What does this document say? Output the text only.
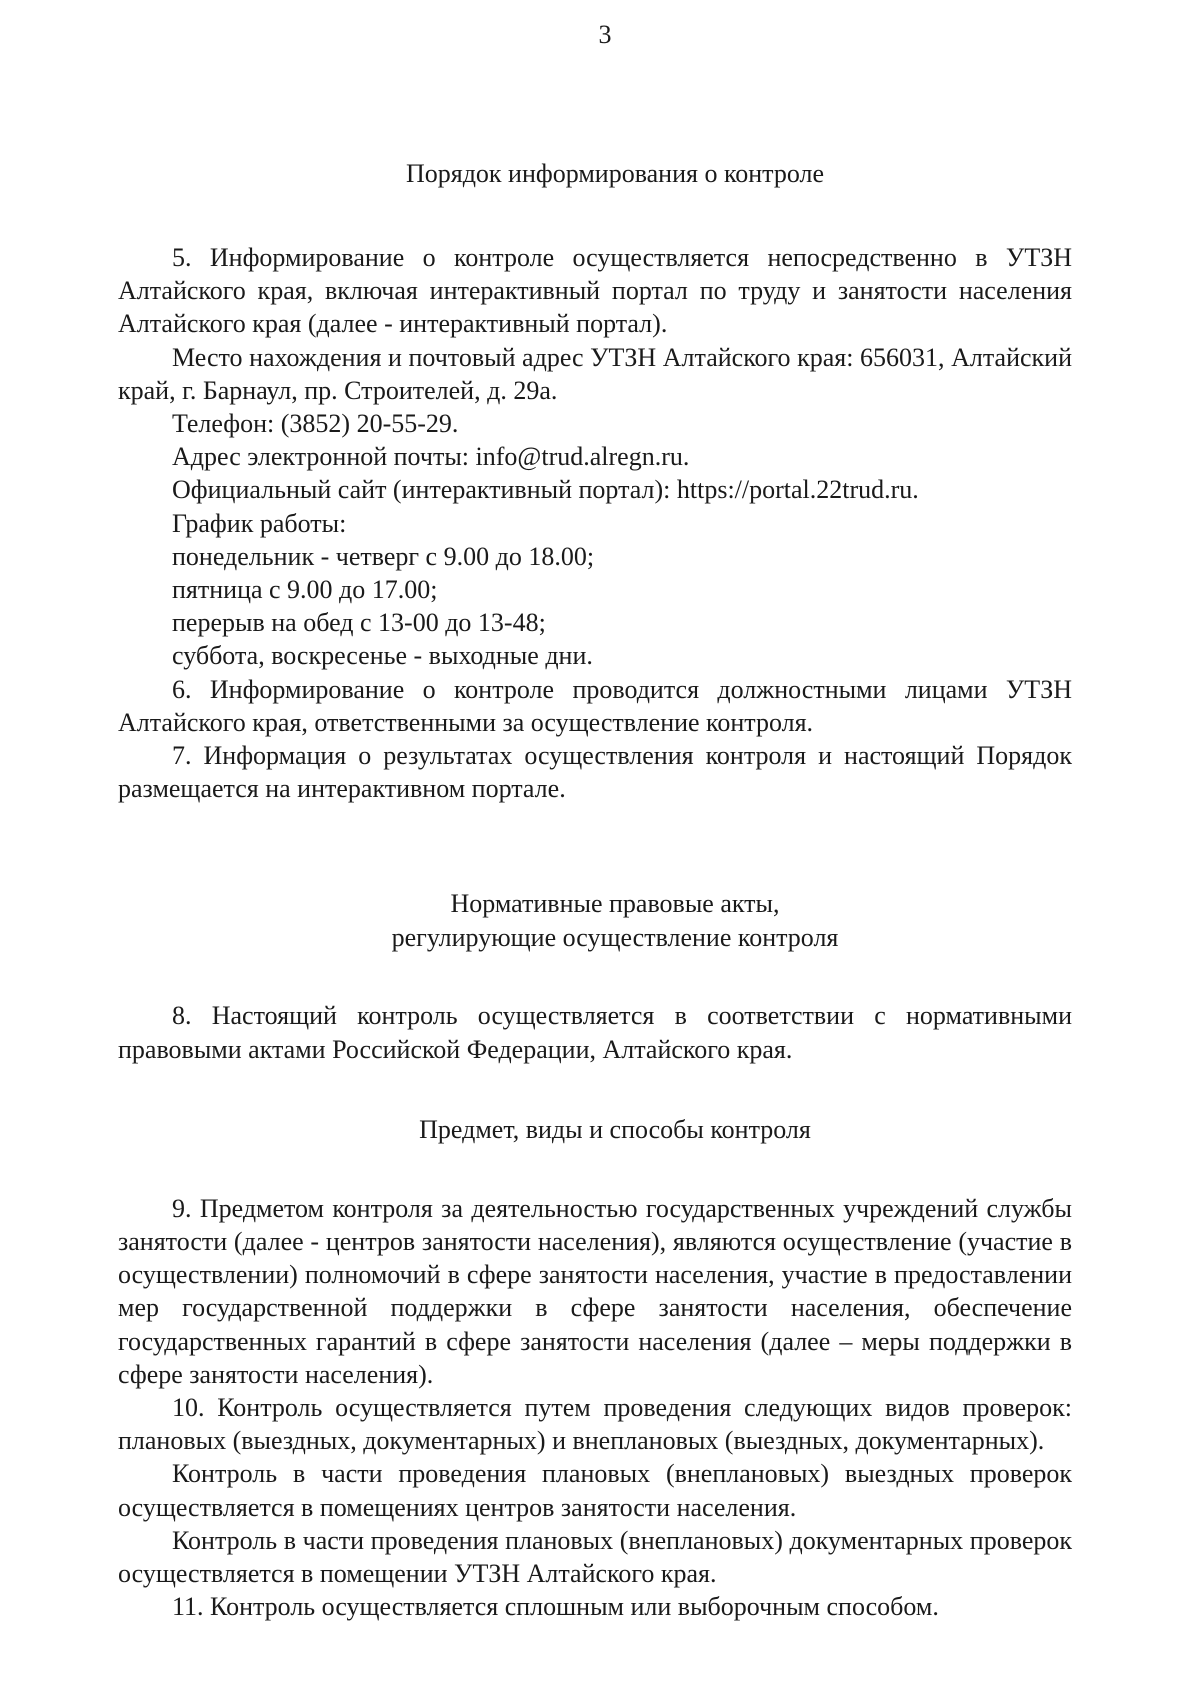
3
Порядок информирования о контроле

5. Информирование о контроле осуществляется непосредственно в УТЗН Алтайского края, включая интерактивный портал по труду и занятости населения Алтайского края (далее - интерактивный портал).

Место нахождения и почтовый адрес УТЗН Алтайского края: 656031, Алтайский край, г. Барнаул, пр. Строителей, д. 29а.

Телефон: (3852) 20-55-29.

Адрес электронной почты: info@trud.alregn.ru.

Официальный сайт (интерактивный портал): https://portal.22trud.ru.

График работы:

понедельник - четверг с 9.00 до 18.00;

пятница с 9.00 до 17.00;

перерыв на обед с 13-00 до 13-48;

суббота, воскресенье - выходные дни.

6. Информирование о контроле проводится должностными лицами УТЗН Алтайского края, ответственными за осуществление контроля.

7. Информация о результатах осуществления контроля и настоящий Порядок размещается на интерактивном портале.

Нормативные правовые акты,
регулирующие осуществление контроля

8. Настоящий контроль осуществляется в соответствии с нормативными правовыми актами Российской Федерации, Алтайского края.

Предмет, виды и способы контроля

9. Предметом контроля за деятельностью государственных учреждений службы занятости (далее - центров занятости населения), являются осуществление (участие в осуществлении) полномочий в сфере занятости населения, участие в предоставлении мер государственной поддержки в сфере занятости населения, обеспечение государственных гарантий в сфере занятости населения (далее – меры поддержки в сфере занятости населения).

10. Контроль осуществляется путем проведения следующих видов проверок: плановых (выездных, документарных) и внеплановых (выездных, документарных).

Контроль в части проведения плановых (внеплановых) выездных проверок осуществляется в помещениях центров занятости населения.

Контроль в части проведения плановых (внеплановых) документарных проверок осуществляется в помещении УТЗН Алтайского края.

11. Контроль осуществляется сплошным или выборочным способом.
